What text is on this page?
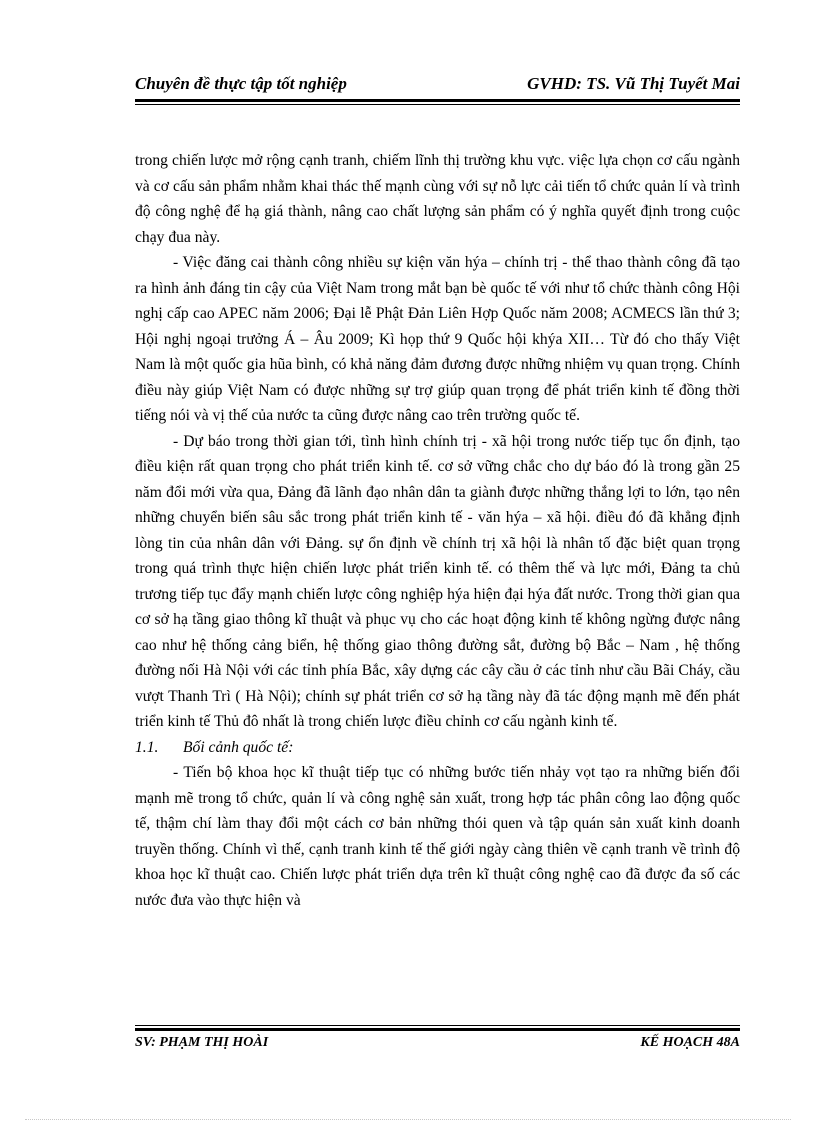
Chuyên đề thực tập tốt nghiệp	GVHD: TS. Vũ Thị Tuyết Mai

trong chiến lược mở rộng cạnh tranh, chiếm lĩnh thị trường khu vực. việc lựa chọn cơ cấu ngành và cơ cấu sản phẩm nhằm khai thác thế mạnh cùng với sự nỗ lực cải tiến tổ chức quản lí và trình độ công nghệ để hạ giá thành, nâng cao chất lượng sản phẩm có ý nghĩa quyết định trong cuộc chạy đua này.

- Việc đăng cai thành công nhiều sự kiện văn hýa – chính trị - thể thao thành công đã tạo ra hình ảnh đáng tin cậy của Việt Nam trong mắt bạn bè quốc tế với như tổ chức thành công Hội nghị cấp cao APEC năm 2006; Đại lễ Phật Đản Liên Hợp Quốc năm 2008; ACMECS lần thứ 3; Hội nghị ngoại trưởng Á – Âu 2009; Kì họp thứ 9 Quốc hội khýa XII… Từ đó cho thấy Việt Nam là một quốc gia hũa bình, có khả năng đảm đương được những nhiệm vụ quan trọng. Chính điều này giúp Việt Nam có được những sự trợ giúp quan trọng để phát triển kinh tế đồng thời tiếng nói và vị thế của nước ta cũng được nâng cao trên trường quốc tế.

- Dự báo trong thời gian tới, tình hình chính trị - xã hội trong nước tiếp tục ổn định, tạo điều kiện rất quan trọng cho phát triển kinh tế. cơ sở vững chắc cho dự báo đó là trong gần 25 năm đổi mới vừa qua, Đảng đã lãnh đạo nhân dân ta giành được những thắng lợi to lớn, tạo nên những chuyển biến sâu sắc trong phát triển kinh tế - văn hýa – xã hội. điều đó đã khẳng định lòng tin của nhân dân với Đảng. sự ổn định về chính trị xã hội là nhân tố đặc biệt quan trọng trong quá trình thực hiện chiến lược phát triển kinh tế. có thêm thế và lực mới, Đảng ta chủ trương tiếp tục đẩy mạnh chiến lược công nghiệp hýa hiện đại hýa đất nước. Trong thời gian qua cơ sở hạ tầng giao thông kĩ thuật và phục vụ cho các hoạt động kinh tế không ngừng được nâng cao như hệ thống cảng biển, hệ thống giao thông đường sắt, đường bộ Bắc – Nam , hệ thống đường nối Hà Nội với các tỉnh phía Bắc, xây dựng các cây cầu ở các tỉnh như cầu Bãi Cháy, cầu vượt Thanh Trì ( Hà Nội); chính sự phát triển cơ sở hạ tầng này đã tác động mạnh mẽ đến phát triển kinh tế Thủ đô nhất là trong chiến lược điều chỉnh cơ cấu ngành kinh tế.

1.1. Bối cảnh quốc tế:

- Tiến bộ khoa học kĩ thuật tiếp tục có những bước tiến nhảy vọt tạo ra những biến đổi mạnh mẽ trong tổ chức, quản lí và công nghệ sản xuất, trong hợp tác phân công lao động quốc tế, thậm chí làm thay đổi một cách cơ bản những thói quen và tập quán sản xuất kinh doanh truyền thống. Chính vì thế, cạnh tranh kinh tế thế giới ngày càng thiên về cạnh tranh về trình độ khoa học kĩ thuật cao. Chiến lược phát triển dựa trên kĩ thuật công nghệ cao đã được đa số các nước đưa vào thực hiện và

SV: PHẠM THỊ HOÀI	KẾ HOẠCH 48A
